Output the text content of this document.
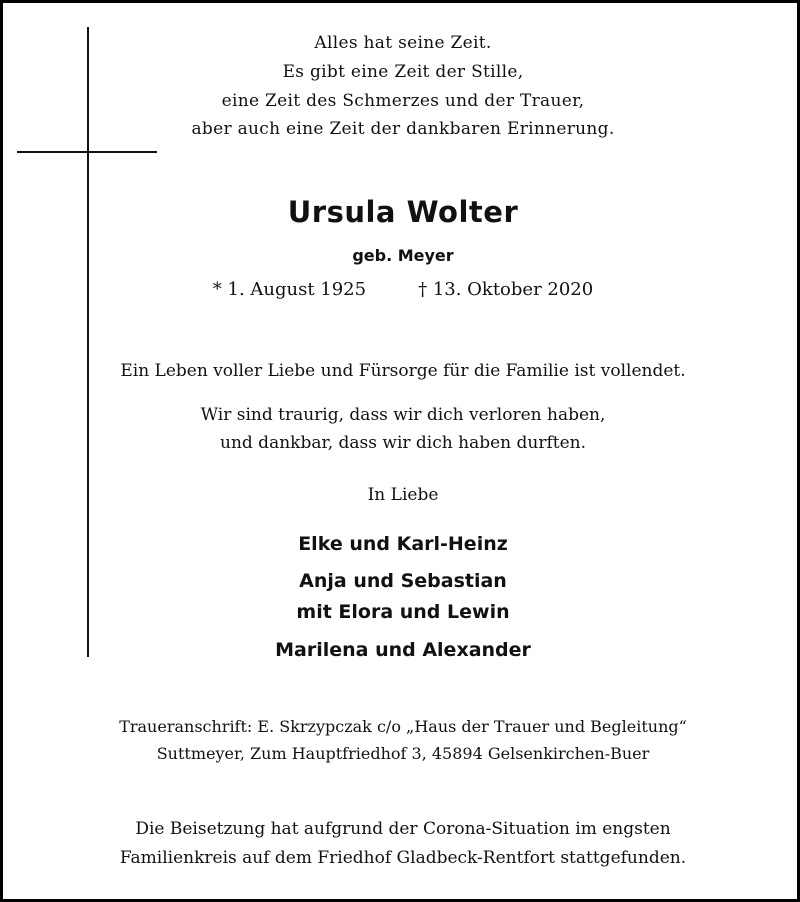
Alles hat seine Zeit.
Es gibt eine Zeit der Stille,
eine Zeit des Schmerzes und der Trauer,
aber auch eine Zeit der dankbaren Erinnerung.
Ursula Wolter
geb. Meyer
* 1. August 1925	† 13. Oktober 2020
Ein Leben voller Liebe und Fürsorge für die Familie ist vollendet.
Wir sind traurig, dass wir dich verloren haben,
und dankbar, dass wir dich haben durften.
In Liebe
Elke und Karl-Heinz
Anja und Sebastian
mit Elora und Lewin
Marilena und Alexander
Traueranschrift: E. Skrzypczak c/o „Haus der Trauer und Begleitung“
Suttmeyer, Zum Hauptfriedhof 3, 45894 Gelsenkirchen-Buer
Die Beisetzung hat aufgrund der Corona-Situation im engsten
Familienkreis auf dem Friedhof Gladbeck-Rentfort stattgefunden.
